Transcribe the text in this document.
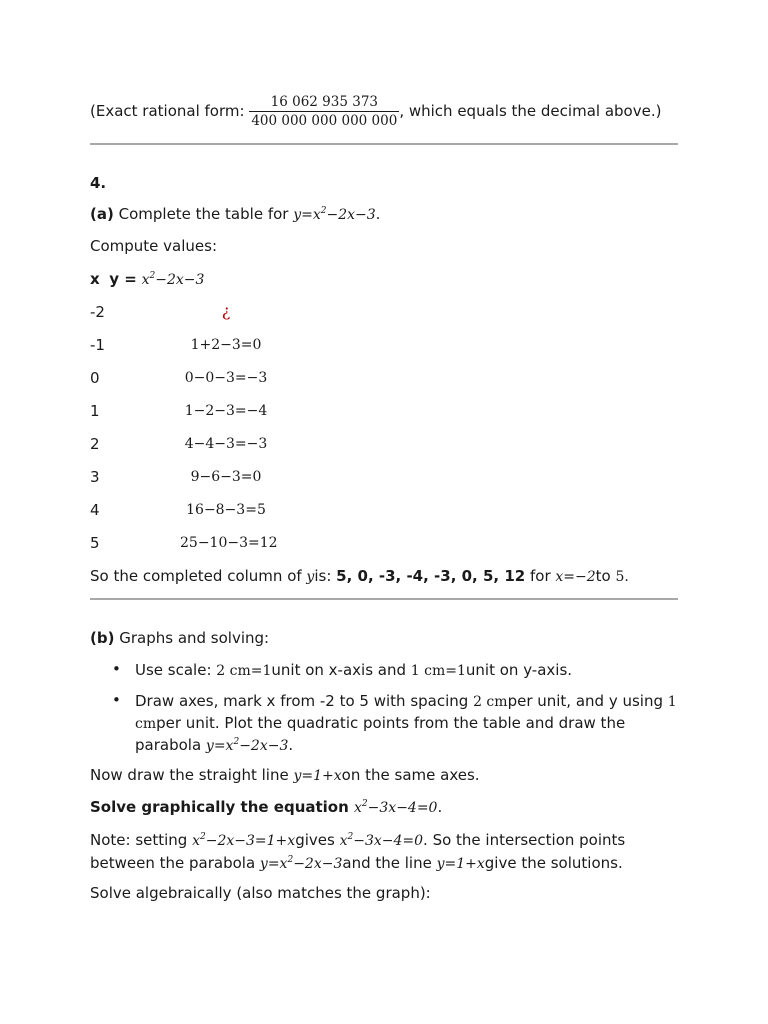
(Exact rational form: $\frac{16 062 935 373}{400 000 000 000 000}$ , which equals the decimal above.)
4.
(a) Complete the table for $y=x^2-2x-3$.
Compute values:
x $y = x^2-2x-3$
-2	¿
-1	1+2−3=0
0	0−0−3=−3
1	1−2−3=−4
2	4−4−3=−3
3	9−6−3=0
4	16−8−3=5
5	25−10−3=12
So the completed column of yis: 5, 0, -3, -4, -3, 0, 5, 12 for x=−2to 5.
(b) Graphs and solving:
• Use scale: 2 cm=1unit on x-axis and 1 cm=1unit on y-axis.
• Draw axes, mark x from -2 to 5 with spacing 2 cmper unit, and y using 1 cmper unit. Plot the quadratic points from the table and draw the parabola $y=x^2-2x-3$.
Now draw the straight line y=1+xon the same axes.
Solve graphically the equation $x^2-3x-4=0$.
Note: setting $x^2-2x-3=1+xgives$ $x^2-3x-4=0$. So the intersection points between the parabola $y=x^2-2x-3and$ the line y=1+xgive the solutions.
Solve algebraically (also matches the graph):
